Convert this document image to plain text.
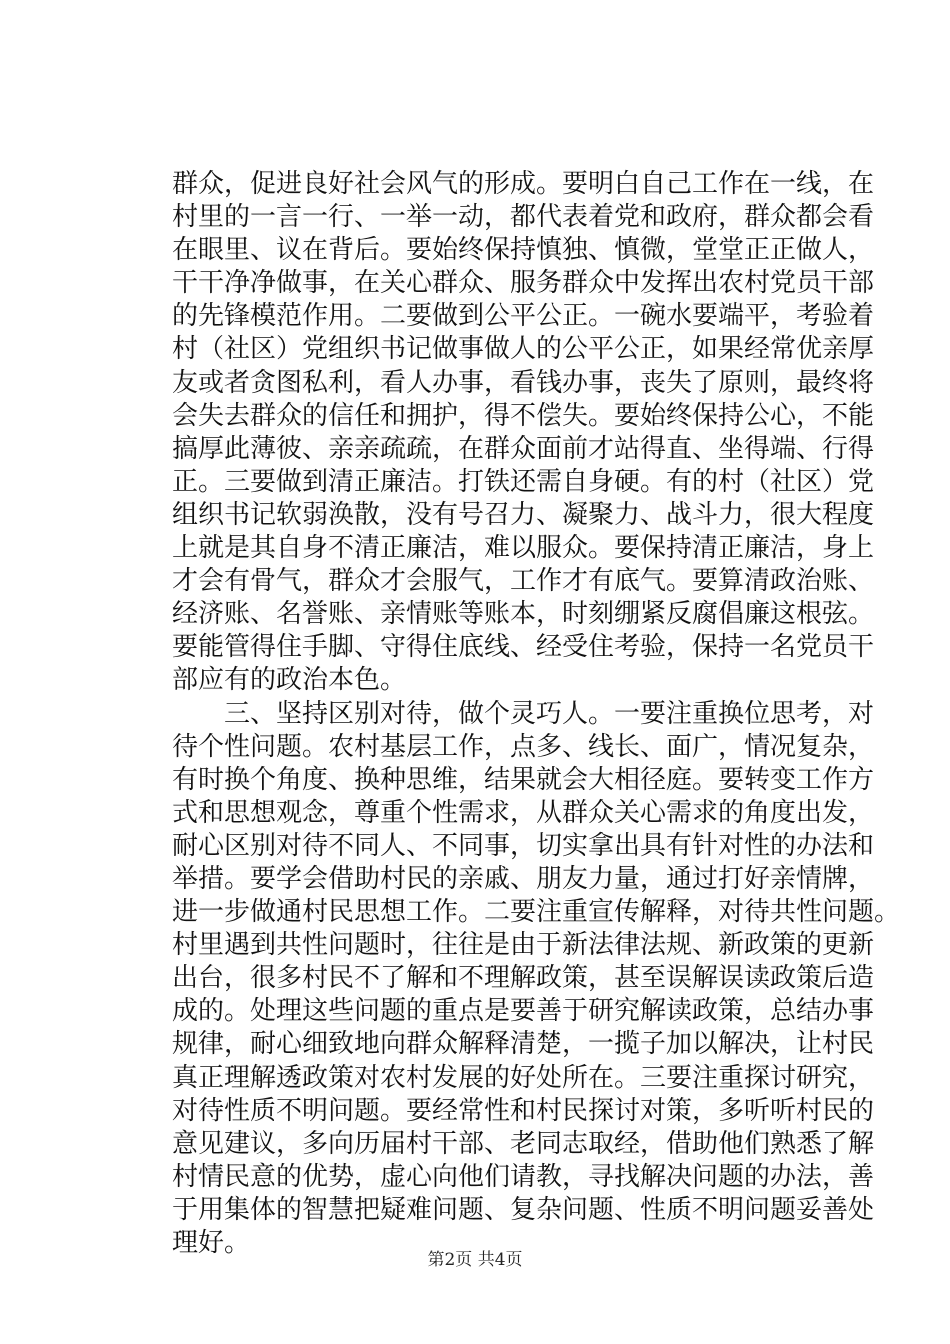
群众，促进良好社会风气的形成。要明白自己工作在一线，在
村里的一言一行、一举一动，都代表着党和政府，群众都会看
在眼里、议在背后。要始终保持慎独、慎微，堂堂正正做人，
干干净净做事，在关心群众、服务群众中发挥出农村党员干部
的先锋模范作用。二要做到公平公正。一碗水要端平，考验着
村（社区）党组织书记做事做人的公平公正，如果经常优亲厚
友或者贪图私利，看人办事，看钱办事，丧失了原则，最终将
会失去群众的信任和拥护，得不偿失。要始终保持公心，不能
搞厚此薄彼、亲亲疏疏，在群众面前才站得直、坐得端、行得
正。三要做到清正廉洁。打铁还需自身硬。有的村（社区）党
组织书记软弱涣散，没有号召力、凝聚力、战斗力，很大程度
上就是其自身不清正廉洁，难以服众。要保持清正廉洁，身上
才会有骨气，群众才会服气，工作才有底气。要算清政治账、
经济账、名誉账、亲情账等账本，时刻绷紧反腐倡廉这根弦。
要能管得住手脚、守得住底线、经受住考验，保持一名党员干
部应有的政治本色。
三、坚持区别对待，做个灵巧人。一要注重换位思考，对
待个性问题。农村基层工作，点多、线长、面广，情况复杂，
有时换个角度、换种思维，结果就会大相径庭。要转变工作方
式和思想观念，尊重个性需求，从群众关心需求的角度出发，
耐心区别对待不同人、不同事，切实拿出具有针对性的办法和
举措。要学会借助村民的亲戚、朋友力量，通过打好亲情牌，
进一步做通村民思想工作。二要注重宣传解释，对待共性问题。
村里遇到共性问题时，往往是由于新法律法规、新政策的更新
出台，很多村民不了解和不理解政策，甚至误解误读政策后造
成的。处理这些问题的重点是要善于研究解读政策，总结办事
规律，耐心细致地向群众解释清楚，一揽子加以解决，让村民
真正理解透政策对农村发展的好处所在。三要注重探讨研究，
对待性质不明问题。要经常性和村民探讨对策，多听听村民的
意见建议，多向历届村干部、老同志取经，借助他们熟悉了解
村情民意的优势，虚心向他们请教，寻找解决问题的办法，善
于用集体的智慧把疑难问题、复杂问题、性质不明问题妥善处
理好。
第2页 共4页
